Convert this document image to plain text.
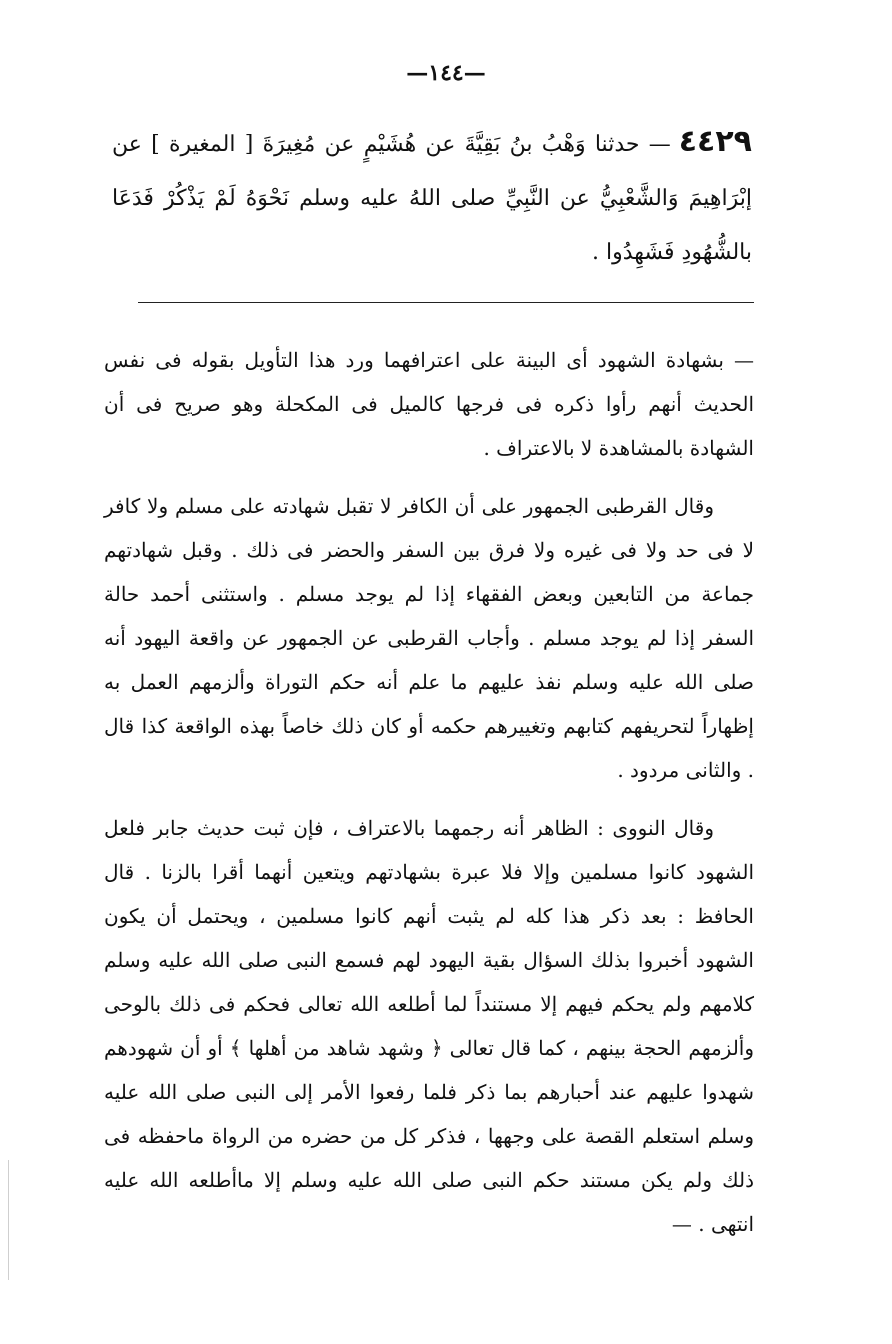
—١٤٤—
٤٤٢٩— حدثنا وَهْبُ بنُ بَقِيَّةَ عن هُشَيْمٍ عن مُغِيرَةَ [ المغيرة ] عن إبْرَاهِيمَ وَالشَّعْبِيُّ عن النَّبِيِّ صلى اللهُ عليه وسلم نَحْوَهُ لَمْ يَذْكُرْ فَدَعَا بالشُّهُودِ فَشَهِدُوا .

— بشهادة الشهود أى البينة على اعترافهما ورد هذا التأويل بقوله فى نفس الحديث أنهم رأوا ذكره فى فرجها كالميل فى المكحلة وهو صريح فى أن الشهادة بالمشاهدة لا بالاعتراف .

وقال القرطبى الجمهور على أن الكافر لا تقبل شهادته على مسلم ولا كافر لا فى حد ولا فى غيره ولا فرق بين السفر والحضر فى ذلك . وقبل شهادتهم جماعة من التابعين وبعض الفقهاء إذا لم يوجد مسلم . واستثنى أحمد حالة السفر إذا لم يوجد مسلم . وأجاب القرطبى عن الجمهور عن واقعة اليهود أنه صلى الله عليه وسلم نفذ عليهم ما علم أنه حكم التوراة وألزمهم العمل به إظهاراً لتحريفهم كتابهم وتغييرهم حكمه أو كان ذلك خاصاً بهذه الواقعة كذا قال . والثانى مردود .

وقال النووى : الظاهر أنه رجمهما بالاعتراف ، فإن ثبت حديث جابر فلعل الشهود كانوا مسلمين وإلا فلا عبرة بشهادتهم ويتعين أنهما أقرا بالزنا . قال الحافظ : بعد ذكر هذا كله لم يثبت أنهم كانوا مسلمين ، ويحتمل أن يكون الشهود أخبروا بذلك السؤال بقية اليهود لهم فسمع النبى صلى الله عليه وسلم كلامهم ولم يحكم فيهم إلا مستنداً لما أطلعه الله تعالى فحكم فى ذلك بالوحى وألزمهم الحجة بينهم ، كما قال تعالى ﴿ وشهد شاهد من أهلها ﴾ أو أن شهودهم شهدوا عليهم عند أحبارهم بما ذكر فلما رفعوا الأمر إلى النبى صلى الله عليه وسلم استعلم القصة على وجهها ، فذكر كل من حضره من الرواة ماحفظه فى ذلك ولم يكن مستند حكم النبى صلى الله عليه وسلم إلا ماأطلعه الله عليه انتهى . —
